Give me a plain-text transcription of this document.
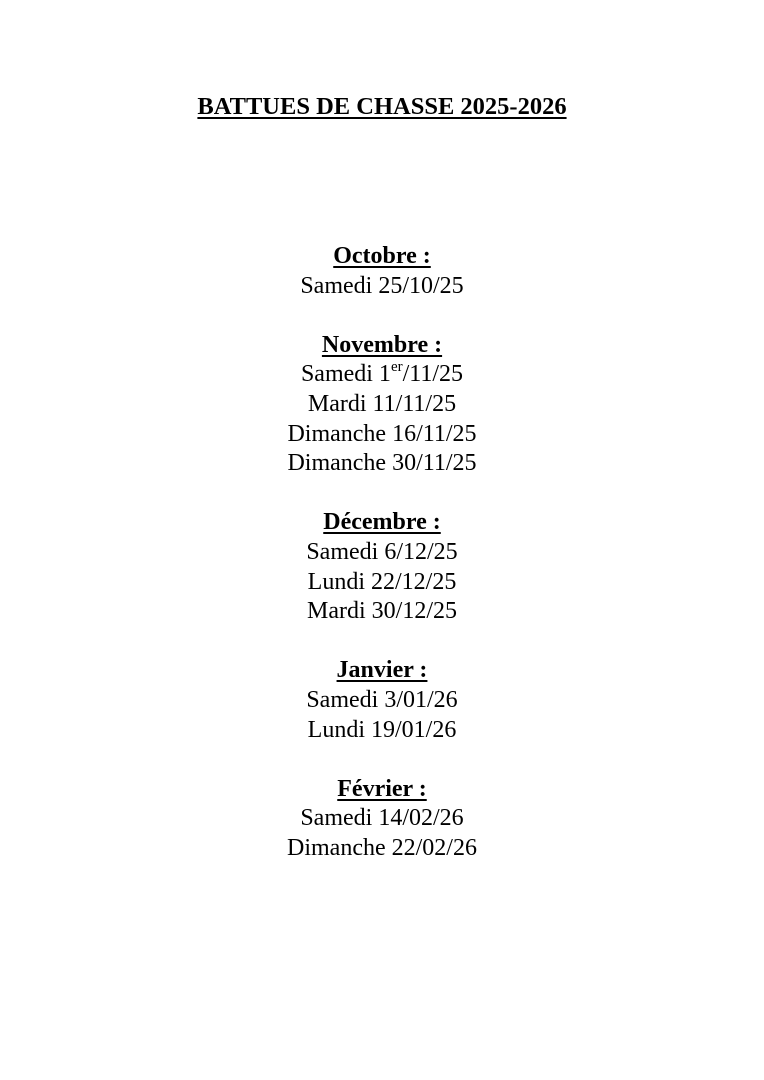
BATTUES DE CHASSE 2025-2026
Octobre :
Samedi 25/10/25
Novembre :
Samedi 1er/11/25
Mardi 11/11/25
Dimanche 16/11/25
Dimanche 30/11/25
Décembre :
Samedi 6/12/25
Lundi 22/12/25
Mardi 30/12/25
Janvier :
Samedi 3/01/26
Lundi 19/01/26
Février :
Samedi 14/02/26
Dimanche 22/02/26
